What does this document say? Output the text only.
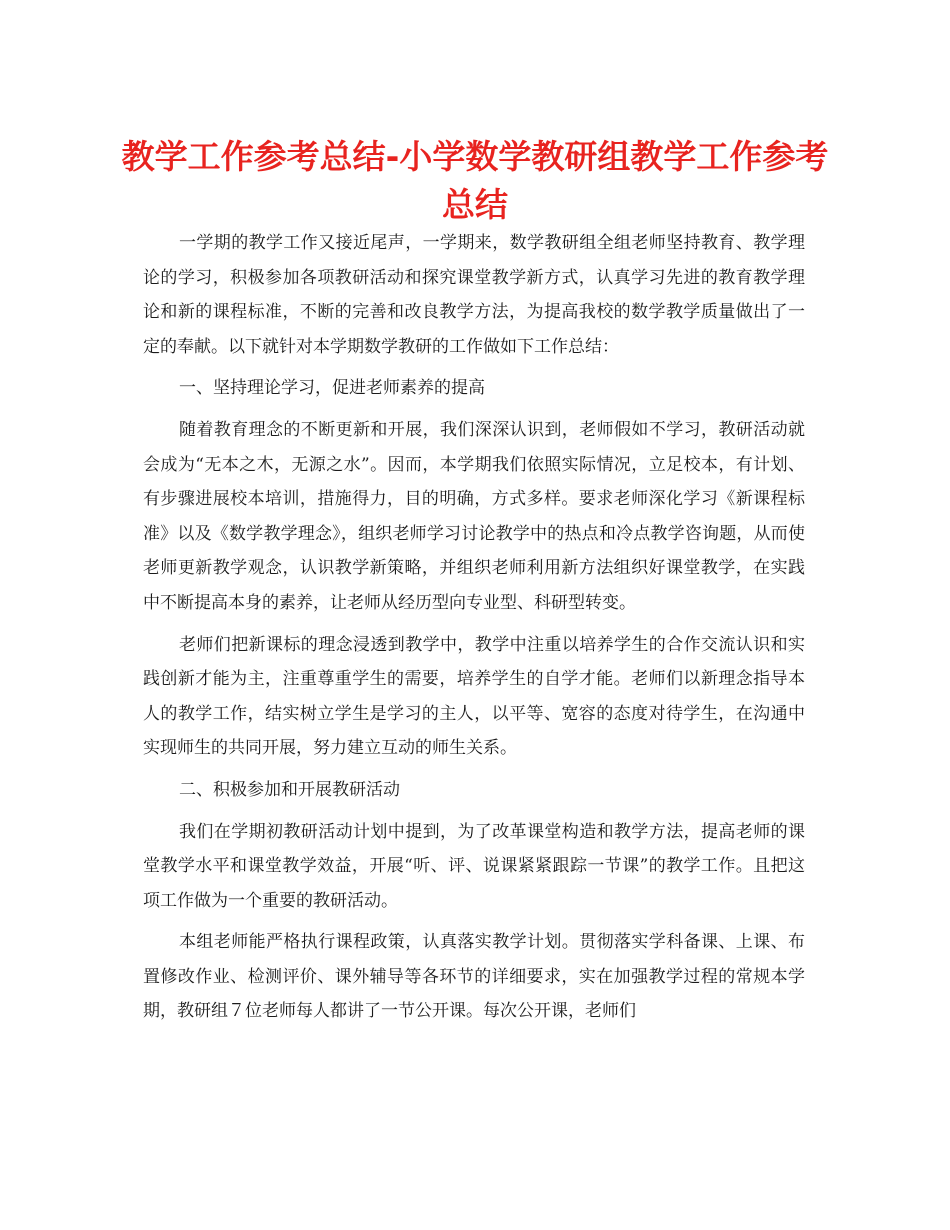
教学工作参考总结-小学数学教研组教学工作参考
总结

一学期的教学工作又接近尾声，一学期来，数学教研组全组老师坚持教育、教学理论的学习，积极参加各项教研活动和探究课堂教学新方式，认真学习先进的教育教学理论和新的课程标准，不断的完善和改良教学方法，为提高我校的数学教学质量做出了一定的奉献。以下就针对本学期数学教研的工作做如下工作总结：

一、坚持理论学习，促进老师素养的提高

随着教育理念的不断更新和开展，我们深深认识到，老师假如不学习，教研活动就会成为“无本之木，无源之水”。因而，本学期我们依照实际情况，立足校本，有计划、有步骤进展校本培训，措施得力，目的明确，方式多样。要求老师深化学习《新课程标准》以及《数学教学理念》，组织老师学习讨论教学中的热点和冷点教学咨询题，从而使老师更新教学观念，认识教学新策略，并组织老师利用新方法组织好课堂教学，在实践中不断提高本身的素养，让老师从经历型向专业型、科研型转变。

老师们把新课标的理念浸透到教学中，教学中注重以培养学生的合作交流认识和实践创新才能为主，注重尊重学生的需要，培养学生的自学才能。老师们以新理念指导本人的教学工作，结实树立学生是学习的主人，以平等、宽容的态度对待学生，在沟通中实现师生的共同开展，努力建立互动的师生关系。

二、积极参加和开展教研活动

我们在学期初教研活动计划中提到，为了改革课堂构造和教学方法，提高老师的课堂教学水平和课堂教学效益，开展“听、评、说课紧紧跟踪一节课”的教学工作。且把这项工作做为一个重要的教研活动。

本组老师能严格执行课程政策，认真落实教学计划。贯彻落实学科备课、上课、布置修改作业、检测评价、课外辅导等各环节的详细要求，实在加强教学过程的常规本学期，教研组７位老师每人都讲了一节公开课。每次公开课，老师们
